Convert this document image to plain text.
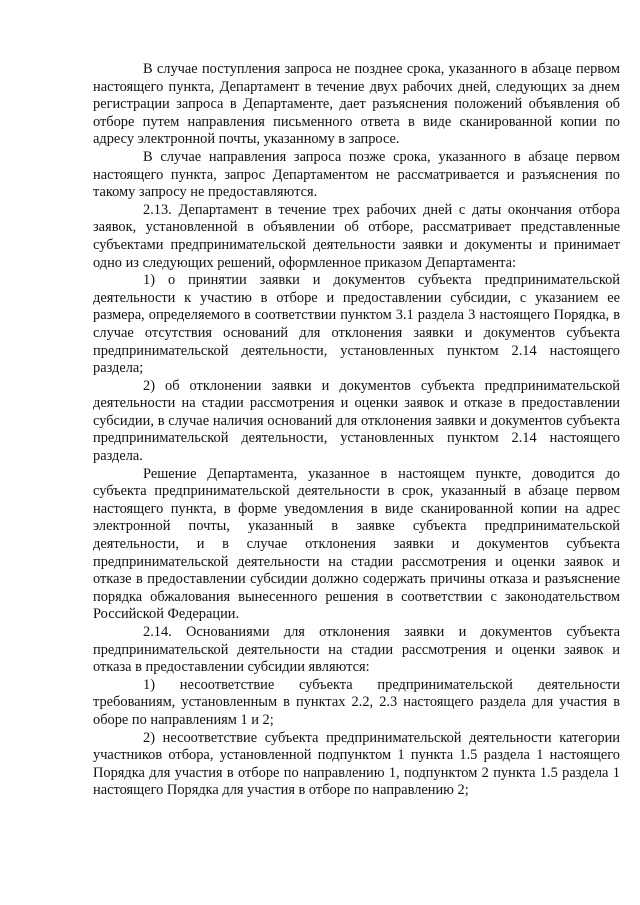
В случае поступления запроса не позднее срока, указанного в абзаце первом настоящего пункта, Департамент в течение двух рабочих дней, следующих за днем регистрации запроса в Департаменте, дает разъяснения положений объявления об отборе путем направления письменного ответа в виде сканированной копии по адресу электронной почты, указанному в запросе.

В случае направления запроса позже срока, указанного в абзаце первом настоящего пункта, запрос Департаментом не рассматривается и разъяснения по такому запросу не предоставляются.

2.13. Департамент в течение трех рабочих дней с даты окончания отбора заявок, установленной в объявлении об отборе, рассматривает представленные субъектами предпринимательской деятельности заявки и документы и принимает одно из следующих решений, оформленное приказом Департамента:

1) о принятии заявки и документов субъекта предпринимательской деятельности к участию в отборе и предоставлении субсидии, с указанием ее размера, определяемого в соответствии пунктом 3.1 раздела 3 настоящего Порядка, в случае отсутствия оснований для отклонения заявки и документов субъекта предпринимательской деятельности, установленных пунктом 2.14 настоящего раздела;

2) об отклонении заявки и документов субъекта предпринимательской деятельности на стадии рассмотрения и оценки заявок и отказе в предоставлении субсидии, в случае наличия оснований для отклонения заявки и документов субъекта предпринимательской деятельности, установленных пунктом 2.14 настоящего раздела.

Решение Департамента, указанное в настоящем пункте, доводится до субъекта предпринимательской деятельности в срок, указанный в абзаце первом настоящего пункта, в форме уведомления в виде сканированной копии на адрес электронной почты, указанный в заявке субъекта предпринимательской деятельности, и в случае отклонения заявки и документов субъекта предпринимательской деятельности на стадии рассмотрения и оценки заявок и отказе в предоставлении субсидии должно содержать причины отказа и разъяснение порядка обжалования вынесенного решения в соответствии с законодательством Российской Федерации.

2.14. Основаниями для отклонения заявки и документов субъекта предпринимательской деятельности на стадии рассмотрения и оценки заявок и отказа в предоставлении субсидии являются:

1) несоответствие субъекта предпринимательской деятельности требованиям, установленным в пунктах 2.2, 2.3 настоящего раздела для участия в оборе по направлениям 1 и 2;

2) несоответствие субъекта предпринимательской деятельности категории участников отбора, установленной подпунктом 1 пункта 1.5 раздела 1 настоящего Порядка для участия в отборе по направлению 1, подпунктом 2 пункта 1.5 раздела 1 настоящего Порядка для участия в отборе по направлению 2;
